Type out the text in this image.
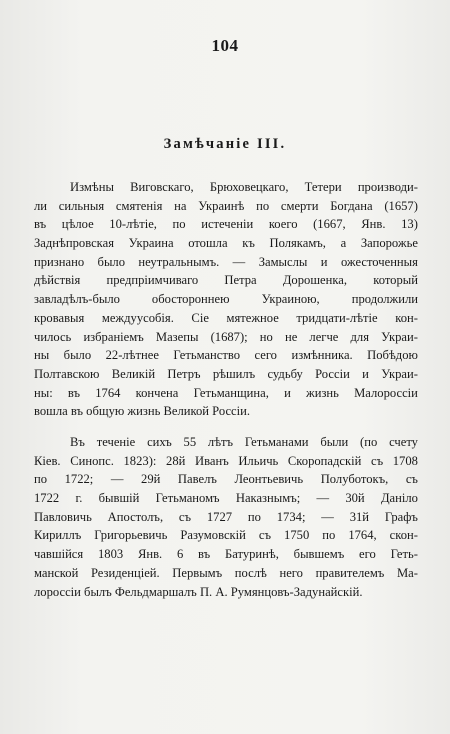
104
Замѣчаніе III.
Измѣны Виговскаго, Брюховецкаго, Тетери производи-
ли сильныя смятенія на Украинѣ по смерти Богдана (1657)
въ цѣлое 10-лѣтіе, по истеченіи коего (1667, Янв. 13)
Заднѣпровская Украина отошла къ Полякамъ, а Запорожье
признано было неутральнымъ. — Замыслы и ожесточенныя
дѣйствія предпріимчиваго Петра Дорошенка, который
завладѣлъ-было	обостороннею	Украиною,	продолжили
кровавыя междуусобія. Сіе мятежное тридцати-лѣтіе кон-
чилось избраніемъ Мазепы (1687); но не легче для Украи-
ны было 22-лѣтнее Гетьманство сего измѣнника. Побѣдою
Полтавскою Великій Петръ рѣшилъ судьбу Россіи и Украи-
ны: въ 1764 кончена Гетьманщина, и жизнь Малороссіи
вошла въ общую жизнь Великой Россіи.
Въ теченіе сихъ 55 лѣтъ Гетьманами были (по счету
Кіев. Синопс. 1823): 28й Иванъ Ильичь Скоропадскій съ 1708
по 1722; — 29й Павелъ Леонтьевичь Полуботокъ, съ
1722 г. бывшій Гетьманомъ Наказнымъ; — 30й Даніло
Павловичь Апостолъ, съ 1727 по 1734; — 31й Графъ
Кириллъ Григорьевичь Разумовскій съ 1750 по 1764, скон-
чавшійся 1803 Янв. 6 въ Батуринѣ, бывшемъ его Геть-
манской Резиденціей. Первымъ послѣ него правителемъ Ма-
лороссіи былъ Фельдмаршалъ П. А. Румянцовъ-Задунайскій.
